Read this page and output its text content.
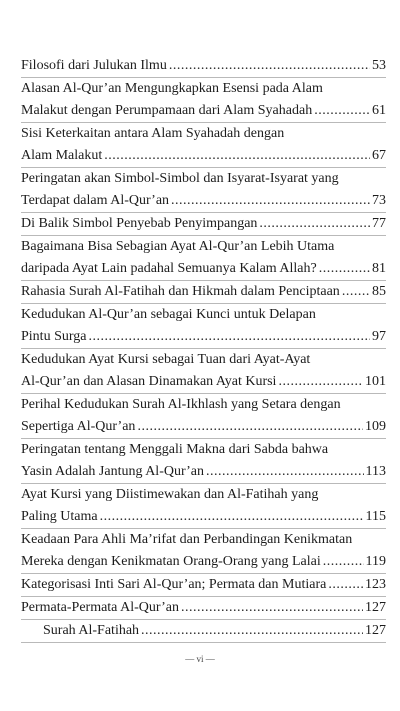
Filosofi dari Julukan Ilmu .....	53
Alasan Al-Qur’an Mengungkapkan Esensi pada Alam
Malakut dengan Perumpamaan dari Alam Syahadah .....	61
Sisi Keterkaitan antara Alam Syahadah dengan
Alam Malakut .....	67
Peringatan akan Simbol-Simbol dan Isyarat-Isyarat yang
Terdapat dalam Al-Qur’an .....	73
Di Balik Simbol Penyebab Penyimpangan .....	77
Bagaimana Bisa Sebagian Ayat Al-Qur’an Lebih Utama
daripada Ayat Lain padahal Semuanya Kalam Allah? .....	81
Rahasia Surah Al-Fatihah dan Hikmah dalam Penciptaan ..... 85
Kedudukan Al-Qur’an sebagai Kunci untuk Delapan
Pintu Surga .....	97
Kedudukan Ayat Kursi sebagai Tuan dari Ayat-Ayat
Al-Qur’an dan Alasan Dinamakan Ayat Kursi .....	101
Perihal Kedudukan Surah Al-Ikhlash yang Setara dengan
Sepertiga Al-Qur’an .....	109
Peringatan tentang Menggali Makna dari Sabda bahwa
Yasin Adalah Jantung Al-Qur’an .....	113
Ayat Kursi yang Diistimewakan dan Al-Fatihah yang
Paling Utama .....	115
Keadaan Para Ahli Ma’rifat dan Perbandingan Kenikmatan
Mereka dengan Kenikmatan Orang-Orang yang Lalai .....	119
Kategorisasi Inti Sari Al-Qur’an; Permata dan Mutiara .....	123
Permata-Permata Al-Qur’an .....	127
Surah Al-Fatihah .....	127
— vi —
